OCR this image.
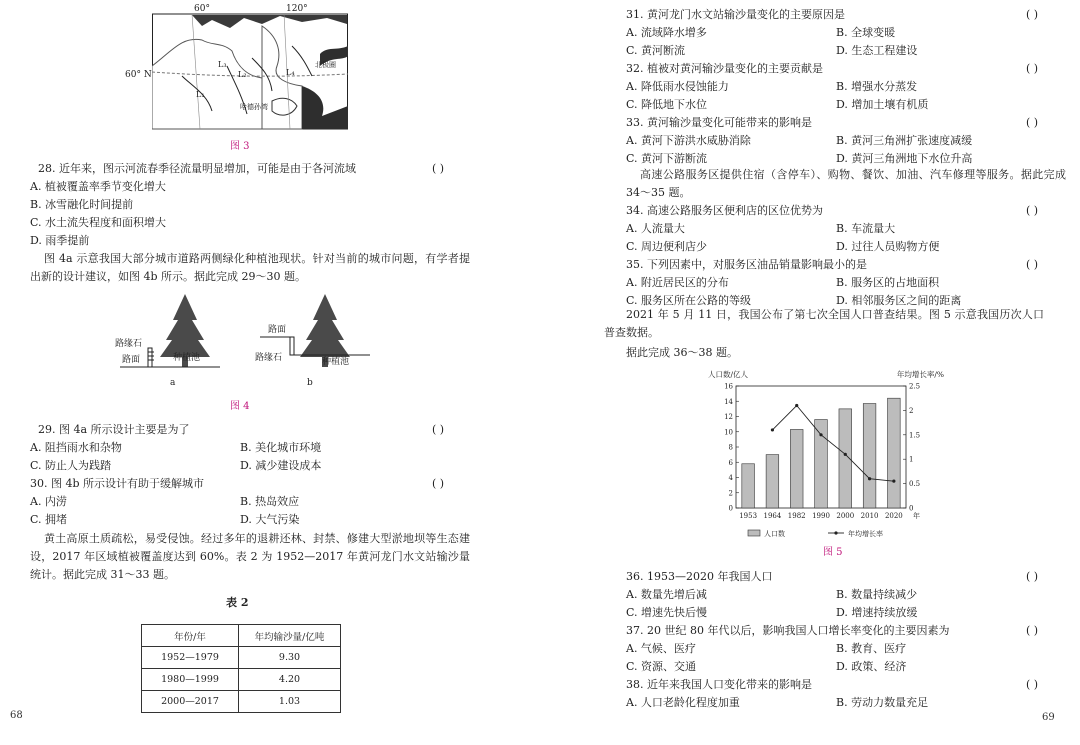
60°	120°
60° N
北极圈
哈德孙湾
L₁
L₂
L₃
L₄
图 3
28. 近年来，图示河流春季径流量明显增加，可能是由于各河流域	( )
A. 植被覆盖率季节变化增大
B. 冰雪融化时间提前
C. 水土流失程度和面积增大
D. 雨季提前
图 4a 示意我国大部分城市道路两侧绿化种植池现状。针对当前的城市问题，有学者提出新的设计建议，如图 4b 所示。据此完成 29～30 题。
路缘石
路面	种植池
路面
路缘石	种植池
a	b
图 4
29. 图 4a 所示设计主要是为了	( )
A. 阻挡雨水和杂物	B. 美化城市环境
C. 防止人为践踏	D. 减少建设成本
30. 图 4b 所示设计有助于缓解城市	( )
A. 内涝	B. 热岛效应
C. 拥堵	D. 大气污染
黄土高原土质疏松，易受侵蚀。经过多年的退耕还林、封禁、修建大型淤地坝等生态建设，2017 年区域植被覆盖度达到 60%。表 2 为 1952—2017 年黄河龙门水文站输沙量统计。据此完成 31～33 题。
表 2
年份/年	年均输沙量/亿吨
1952—1979	9.30
1980—1999	4.20
2000—2017	1.03
68
31. 黄河龙门水文站输沙量变化的主要原因是	( )
A. 流域降水增多	B. 全球变暖
C. 黄河断流	D. 生态工程建设
32. 植被对黄河输沙量变化的主要贡献是	( )
A. 降低雨水侵蚀能力	B. 增强水分蒸发
C. 降低地下水位	D. 增加土壤有机质
33. 黄河输沙量变化可能带来的影响是	( )
A. 黄河下游洪水威胁消除	B. 黄河三角洲扩张速度减缓
C. 黄河下游断流	D. 黄河三角洲地下水位升高
高速公路服务区提供住宿（含停车）、购物、餐饮、加油、汽车修理等服务。据此完成 34～35 题。
34. 高速公路服务区便利店的区位优势为	( )
A. 人流量大	B. 车流量大
C. 周边便利店少	D. 过往人员购物方便
35. 下列因素中，对服务区油品销量影响最小的是	( )
A. 附近居民区的分布	B. 服务区的占地面积
C. 服务区所在公路的等级	D. 相邻服务区之间的距离
2021 年 5 月 11 日，我国公布了第七次全国人口普查结果。图 5 示意我国历次人口普查数据。
据此完成 36～38 题。
人口数/亿人	年均增长率/%
0
2
4
6
8
10
12
14
16
0
0.5
1
1.5
2
2.5
1953 1964 1982 1990 2000 2010 2020 年
人口数	年均增长率
图 5
36. 1953—2020 年我国人口	( )
A. 数量先增后减	B. 数量持续减少
C. 增速先快后慢	D. 增速持续放缓
37. 20 世纪 80 年代以后，影响我国人口增长率变化的主要因素为	( )
A. 气候、医疗	B. 教育、医疗
C. 资源、交通	D. 政策、经济
38. 近年来我国人口变化带来的影响是	( )
A. 人口老龄化程度加重	B. 劳动力数量充足
69
